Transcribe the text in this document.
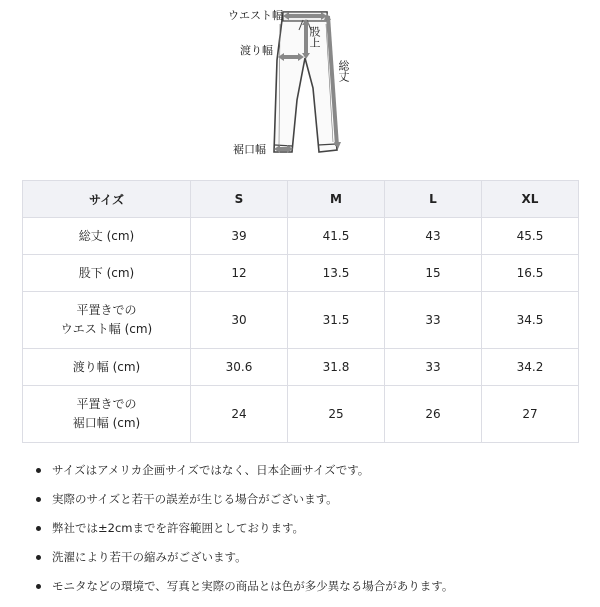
ウエスト幅
股上
渡り幅
総丈
裾口幅
サイズ	S	M	L	XL
総丈 (cm)	39	41.5	43	45.5
股下 (cm)	12	13.5	15	16.5
平置きでの
ウエスト幅 (cm)	30	31.5	33	34.5
渡り幅 (cm)	30.6	31.8	33	34.2
平置きでの
裾口幅 (cm)	24	25	26	27
サイズはアメリカ企画サイズではなく、日本企画サイズです。
実際のサイズと若干の誤差が生じる場合がございます。
弊社では±2cmまでを許容範囲としております。
洗濯により若干の縮みがございます。
モニタなどの環境で、写真と実際の商品とは色が多少異なる場合があります。
